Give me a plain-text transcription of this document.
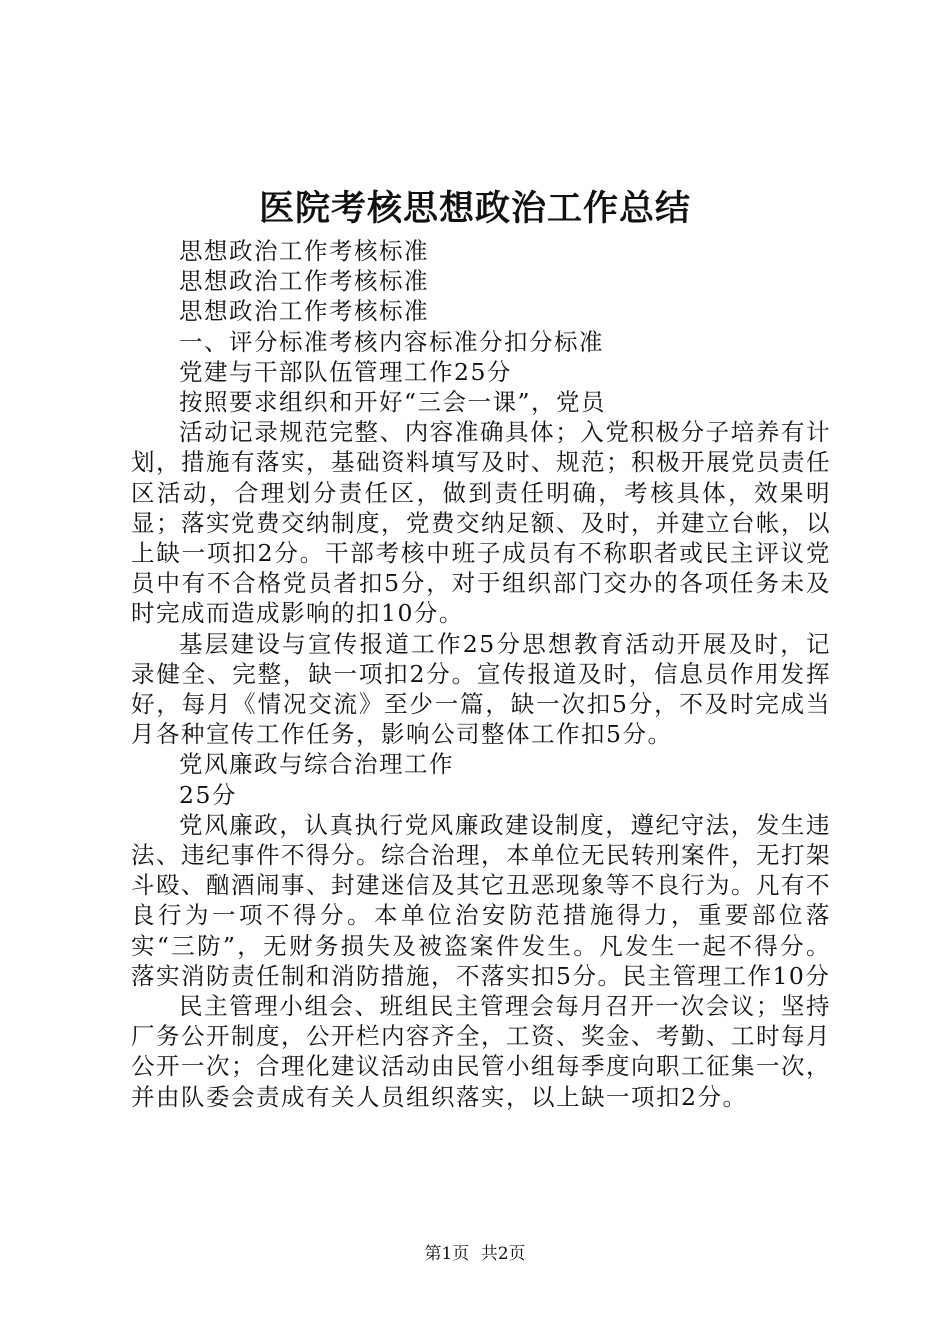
医院考核思想政治工作总结

思想政治工作考核标准

思想政治工作考核标准

思想政治工作考核标准

一、评分标准考核内容标准分扣分标准

党建与干部队伍管理工作25分

按照要求组织和开好“三会一课”，党员

活动记录规范完整、内容准确具体；入党积极分子培养有计划，措施有落实，基础资料填写及时、规范；积极开展党员责任区活动，合理划分责任区，做到责任明确，考核具体，效果明显；落实党费交纳制度，党费交纳足额、及时，并建立台帐，以上缺一项扣2分。干部考核中班子成员有不称职者或民主评议党员中有不合格党员者扣5分，对于组织部门交办的各项任务未及时完成而造成影响的扣10分。

基层建设与宣传报道工作25分思想教育活动开展及时，记录健全、完整，缺一项扣2分。宣传报道及时，信息员作用发挥好，每月《情况交流》至少一篇，缺一次扣5分，不及时完成当月各种宣传工作任务，影响公司整体工作扣5分。

党风廉政与综合治理工作

25分

党风廉政，认真执行党风廉政建设制度，遵纪守法，发生违法、违纪事件不得分。综合治理，本单位无民转刑案件，无打架斗殴、酗酒闹事、封建迷信及其它丑恶现象等不良行为。凡有不良行为一项不得分。本单位治安防范措施得力，重要部位落实“三防”，无财务损失及被盗案件发生。凡发生一起不得分。落实消防责任制和消防措施，不落实扣5分。民主管理工作10分

民主管理小组会、班组民主管理会每月召开一次会议；坚持厂务公开制度，公开栏内容齐全，工资、奖金、考勤、工时每月公开一次；合理化建议活动由民管小组每季度向职工征集一次，并由队委会责成有关人员组织落实，以上缺一项扣2分。

第1页 共2页
